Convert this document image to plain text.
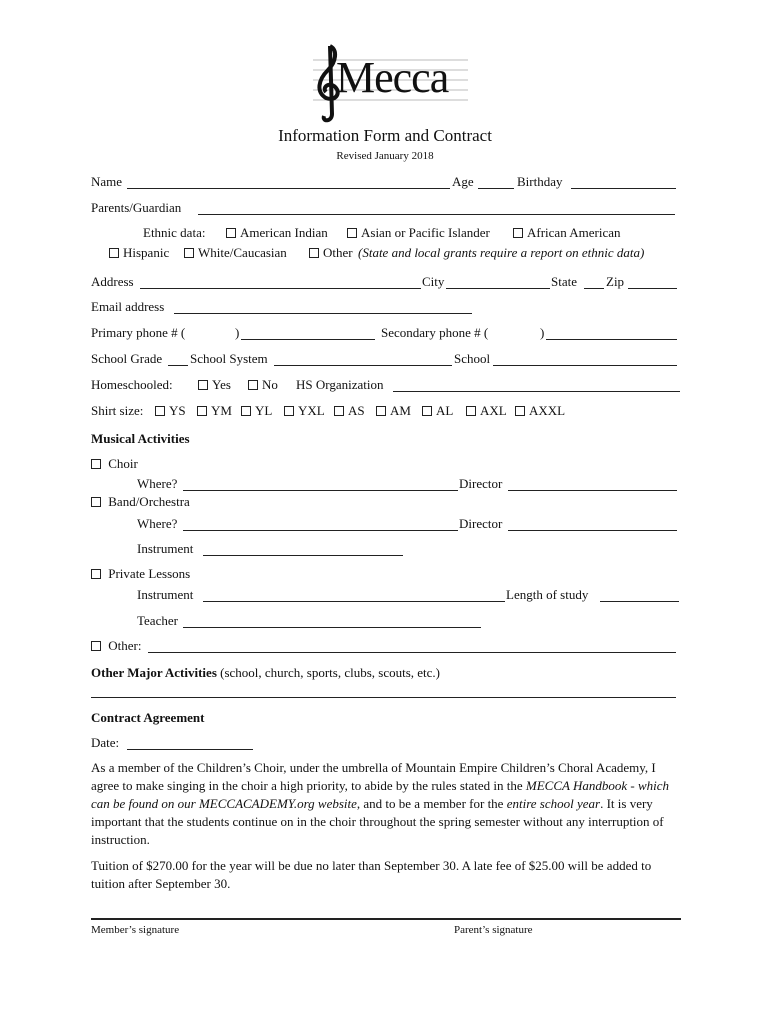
Mecca
Information Form and Contract
Revised January 2018
Name	Age	Birthday
Parents/Guardian
Ethnic data:	American Indian	Asian or Pacific Islander	African American
Hispanic	White/Caucasian	Other (State and local grants require a report on ethnic data)
Address	City	State Zip
Email address
Primary phone # (	)	Secondary phone # (	)
School Grade School System	School
Homeschooled:	Yes	No HS Organization
Shirt size:	YS	YM	YL	YXL	AS	AM	AL	AXL	AXXL
Musical Activities
Choir
Where?	Director
Band/Orchestra
Where?	Director
Instrument
Private Lessons
Instrument	Length of study
Teacher
Other:
Other Major Activities (school, church, sports, clubs, scouts, etc.)
Contract Agreement
Date:
As a member of the Children’s Choir, under the umbrella of Mountain Empire Children’s Choral Academy, I agree to make singing in the choir a high priority, to abide by the rules stated in the MECCA Handbook - which can be found on our MECCACADEMY.org website, and to be a member for the entire school year. It is very important that the students continue on in the choir throughout the spring semester without any interruption of instruction.
Tuition of $270.00 for the year will be due no later than September 30. A late fee of $25.00 will be added to tuition after September 30.
Member’s signature	Parent’s signature
